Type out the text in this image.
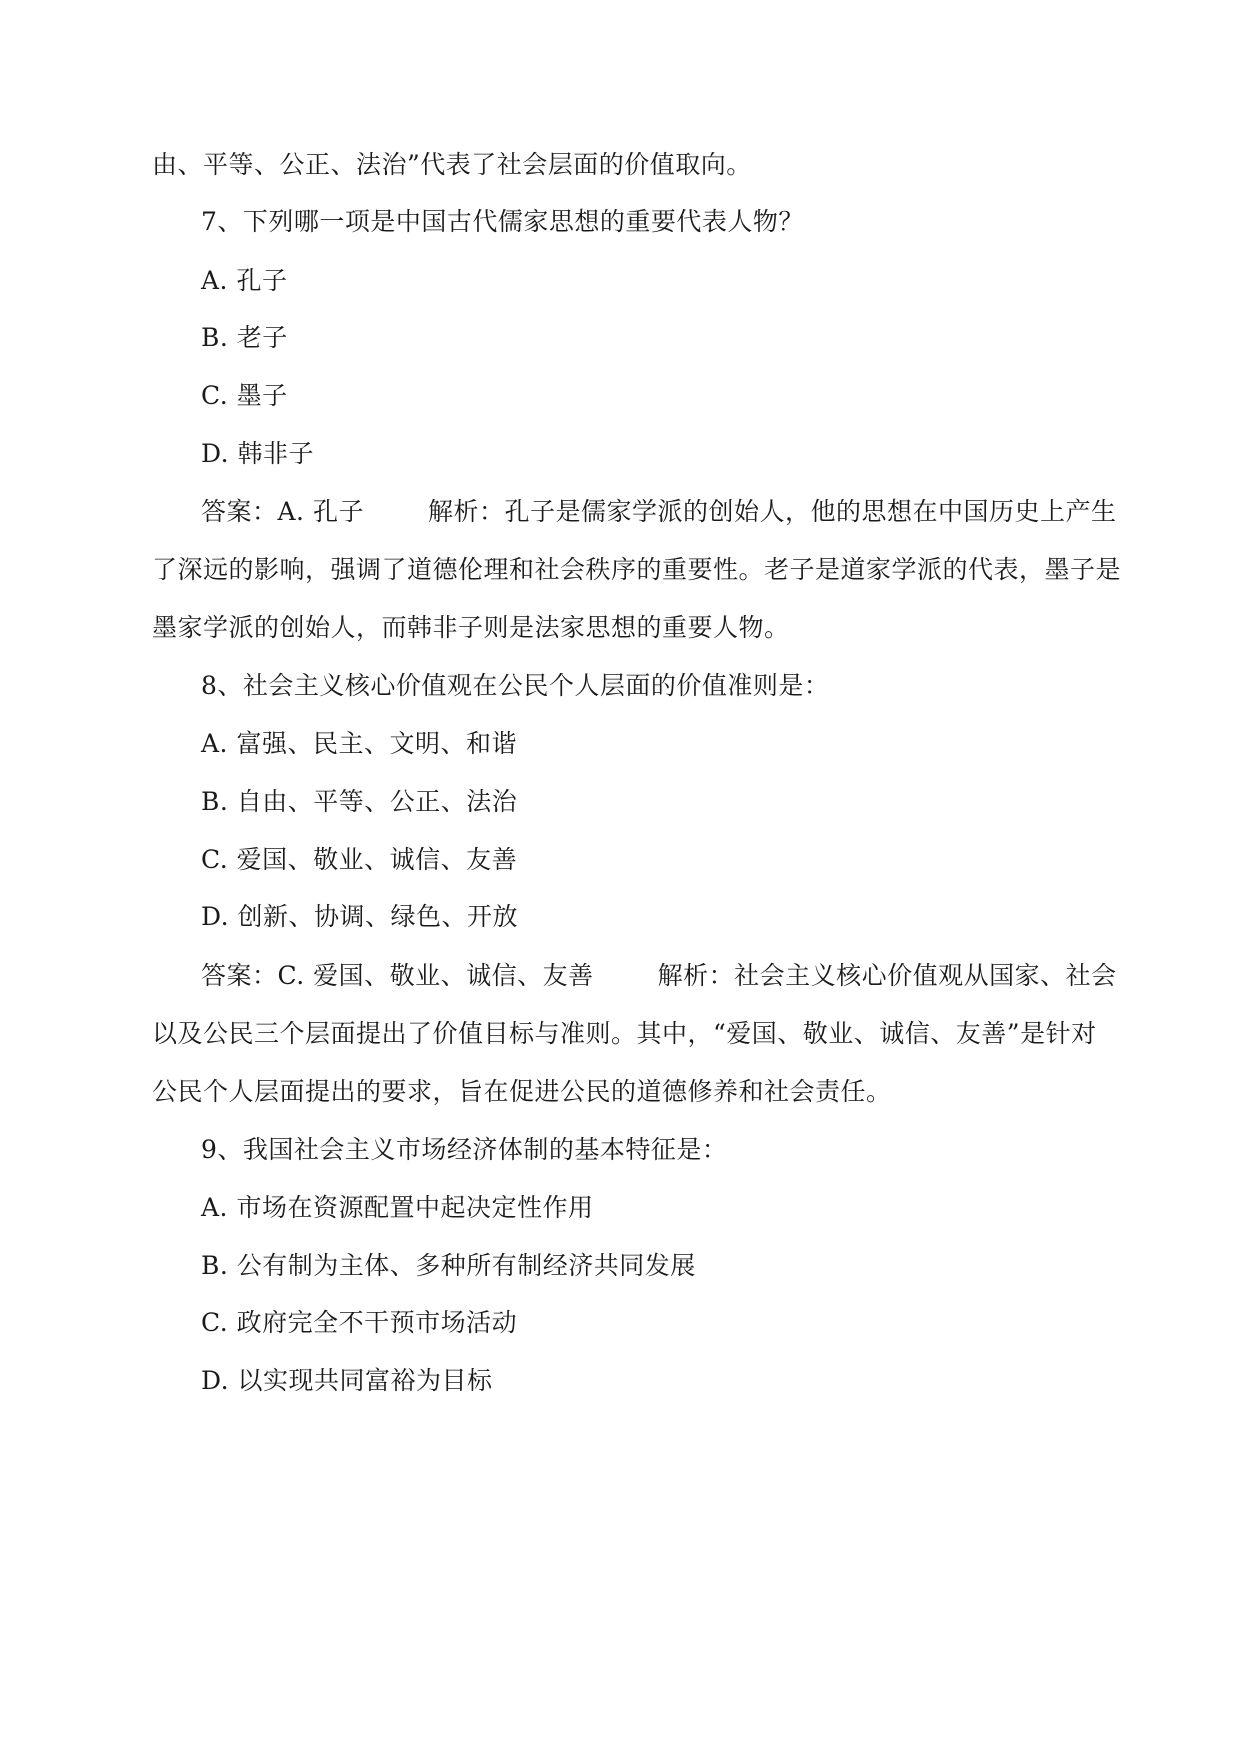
由、平等、公正、法治”代表了社会层面的价值取向。
7、下列哪一项是中国古代儒家思想的重要代表人物？
A. 孔子
B. 老子
C. 墨子
D. 韩非子
答案：A. 孔子	解析：孔子是儒家学派的创始人，他的思想在中国历史上产生
了深远的影响，强调了道德伦理和社会秩序的重要性。老子是道家学派的代表，墨子是
墨家学派的创始人，而韩非子则是法家思想的重要人物。
8、社会主义核心价值观在公民个人层面的价值准则是：
A. 富强、民主、文明、和谐
B. 自由、平等、公正、法治
C. 爱国、敬业、诚信、友善
D. 创新、协调、绿色、开放
答案：C. 爱国、敬业、诚信、友善	解析：社会主义核心价值观从国家、社会
以及公民三个层面提出了价值目标与准则。其中，“爱国、敬业、诚信、友善”是针对
公民个人层面提出的要求，旨在促进公民的道德修养和社会责任。
9、我国社会主义市场经济体制的基本特征是：
A. 市场在资源配置中起决定性作用
B. 公有制为主体、多种所有制经济共同发展
C. 政府完全不干预市场活动
D. 以实现共同富裕为目标
